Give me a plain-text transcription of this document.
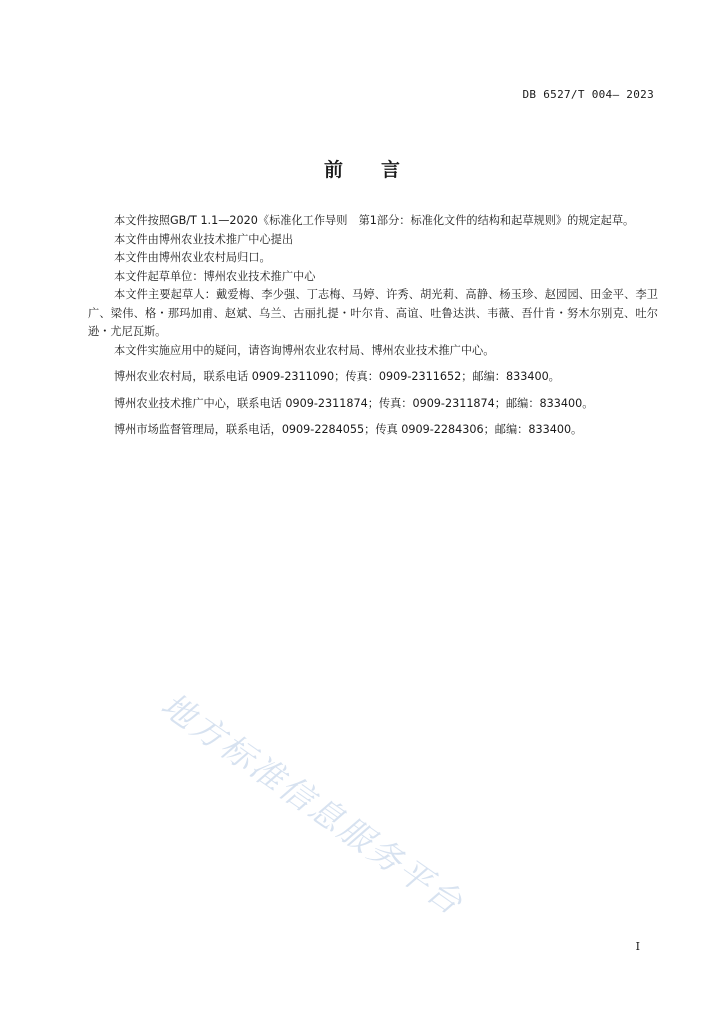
DB 6527/T 004— 2023
前 言

本文件按照GB/T 1.1—2020《标准化工作导则　第1部分：标准化文件的结构和起草规则》的规定起草。

本文件由博州农业技术推广中心提出

本文件由博州农业农村局归口。

本文件起草单位：博州农业技术推广中心

本文件主要起草人：戴爱梅、李少强、丁志梅、马婷、许秀、胡光莉、高静、杨玉珍、赵园园、田金平、李卫广、梁伟、格・那玛加甫、赵斌、乌兰、古丽扎提・叶尔肯、高谊、吐鲁达洪、韦薇、吾什肯・努木尔别克、吐尔逊・尤尼瓦斯。

本文件实施应用中的疑问，请咨询博州农业农村局、博州农业技术推广中心。

博州农业农村局，联系电话 0909-2311090；传真：0909-2311652；邮编：833400。

博州农业技术推广中心，联系电话 0909-2311874；传真：0909-2311874；邮编：833400。

博州市场监督管理局，联系电话，0909-2284055；传真 0909-2284306；邮编：833400。

地方标准信息服务平台
I
